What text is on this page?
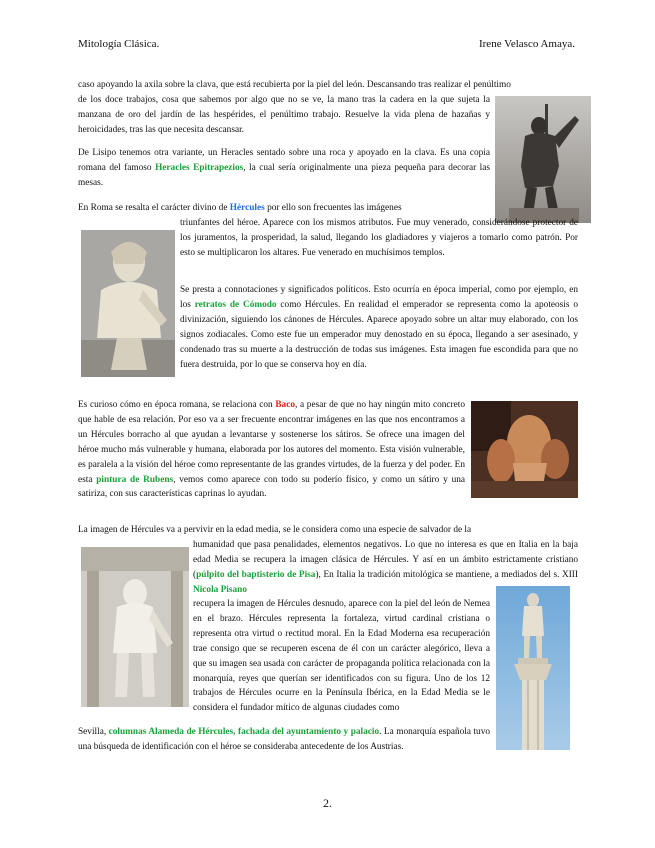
Mitología Clásica.	Irene Velasco Amaya.

caso apoyando la axila sobre la clava, que está recubierta por la piel del león. Descansando tras realizar el penúltimo

de los doce trabajos, cosa que sabemos por algo que no se ve, la mano tras la cadera en la que sujeta la manzana de oro del jardín de las hespérides, el penúltimo trabajo. Resuelve la vida plena de hazañas y heroicidades, tras las que necesita descansar.

De Lisipo tenemos otra variante, un Heracles sentado sobre una roca y apoyado en la clava. Es una copia romana del famoso Heracles Epitrapezios, la cual sería originalmente una pieza pequeña para decorar las mesas.

En Roma se resalta el carácter divino de Hércules por ello son frecuentes las imágenes

triunfantes del héroe. Aparece con los mismos atributos. Fue muy venerado, considerándose protector de los juramentos, la prosperidad, la salud, llegando los gladiadores y viajeros a tomarlo como patrón. Por esto se multiplicaron los altares. Fue venerado en muchísimos templos.

Se presta a connotaciones y significados políticos. Esto ocurría en época imperial, como por ejemplo, en los retratos de Cómodo como Hércules. En realidad el emperador se representa como la apoteosis o divinización, siguiendo los cánones de Hércules. Aparece apoyado sobre un altar muy elaborado, con los signos zodiacales. Como este fue un emperador muy denostado en su época, llegando a ser asesinado, y condenado tras su muerte a la destrucción de todas sus imágenes. Esta imagen fue escondida para que no fuera destruida, por lo que se conserva hoy en día.

Es curioso cómo en época romana, se relaciona con Baco, a pesar de que no hay ningún mito concreto que hable de esa relación. Por eso va a ser frecuente encontrar imágenes en las que nos encontramos a un Hércules borracho al que ayudan a levantarse y sostenerse los sátiros. Se ofrece una imagen del héroe mucho más vulnerable y humana, elaborada por los autores del momento. Esta visión vulnerable, es paralela a la visión del héroe como representante de las grandes virtudes, de la fuerza y del poder. En esta pintura de Rubens, vemos como aparece con todo su poderío físico, y como un sátiro y una satiriza, con sus características caprinas lo ayudan.

La imagen de Hércules va a pervivir en la edad media, se le considera como una especie de salvador de la

humanidad que pasa penalidades, elementos negativos. Lo que no interesa es que en Italia en la baja edad Media se recupera la imagen clásica de Hércules. Y así en un ámbito estrictamente cristiano (púlpito del baptisterio de Pisa), En Italia la tradición mitológica se mantiene, a mediados del s. XIII Nicola Pisano

recupera la imagen de Hércules desnudo, aparece con la piel del león de Nemea en el brazo. Hércules representa la fortaleza, virtud cardinal cristiana o representa otra virtud o rectitud moral. En la Edad Moderna esa recuperación trae consigo que se recuperen escena de él con un carácter alegórico, lleva a que su imagen sea usada con carácter de propaganda política relacionada con la monarquía, reyes que querían ser identificados con su figura. Uno de los 12 trabajos de Hércules ocurre en la Península Ibérica, en la Edad Media se le considera el fundador mítico de algunas ciudades como

Sevilla, columnas Alameda de Hércules, fachada del ayuntamiento y palacio. La monarquía española tuvo una búsqueda de identificación con el héroe se consideraba antecedente de los Austrias.

2.
